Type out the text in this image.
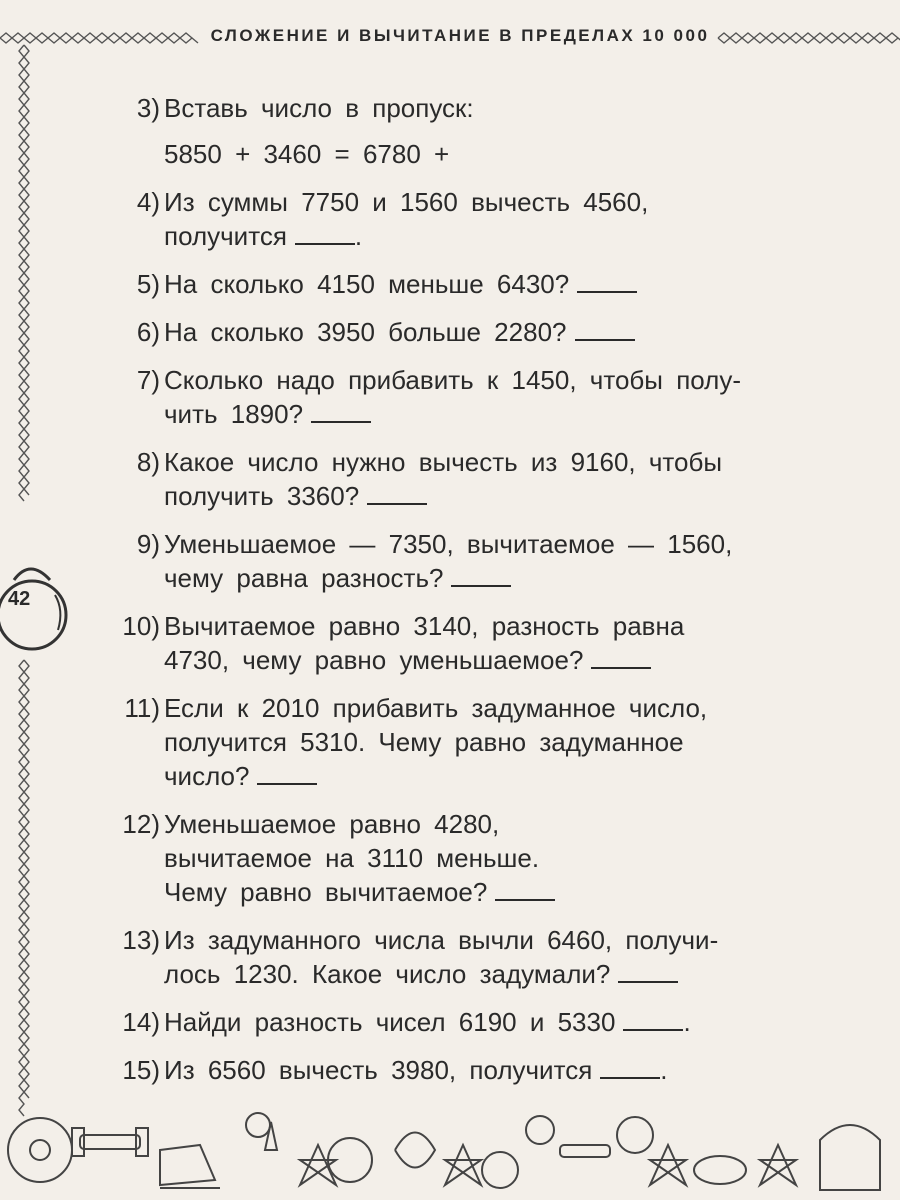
СЛОЖЕНИЕ И ВЫЧИТАНИЕ В ПРЕДЕЛАХ 10 000
42
3) Вставь число в пропуск:
5850 + 3460 = 6780 +
4) Из суммы 7750 и 1560 вычесть 4560,
получится	.
5) На сколько 4150 меньше 6430?
6) На сколько 3950 больше 2280?
7) Сколько надо прибавить к 1450, чтобы полу-
чить 1890?
8) Какое число нужно вычесть из 9160, чтобы
получить 3360?
9) Уменьшаемое — 7350, вычитаемое — 1560,
чему равна разность?
10) Вычитаемое равно 3140, разность равна
4730, чему равно уменьшаемое?
11) Если к 2010 прибавить задуманное число,
получится 5310. Чему равно задуманное
число?
12) Уменьшаемое равно 4280,
вычитаемое на 3110 меньше.
Чему равно вычитаемое?
13) Из задуманного числа вычли 6460, получи-
лось 1230. Какое число задумали?
14) Найди разность чисел 6190 и 5330	.
15) Из 6560 вычесть 3980, получится	.
